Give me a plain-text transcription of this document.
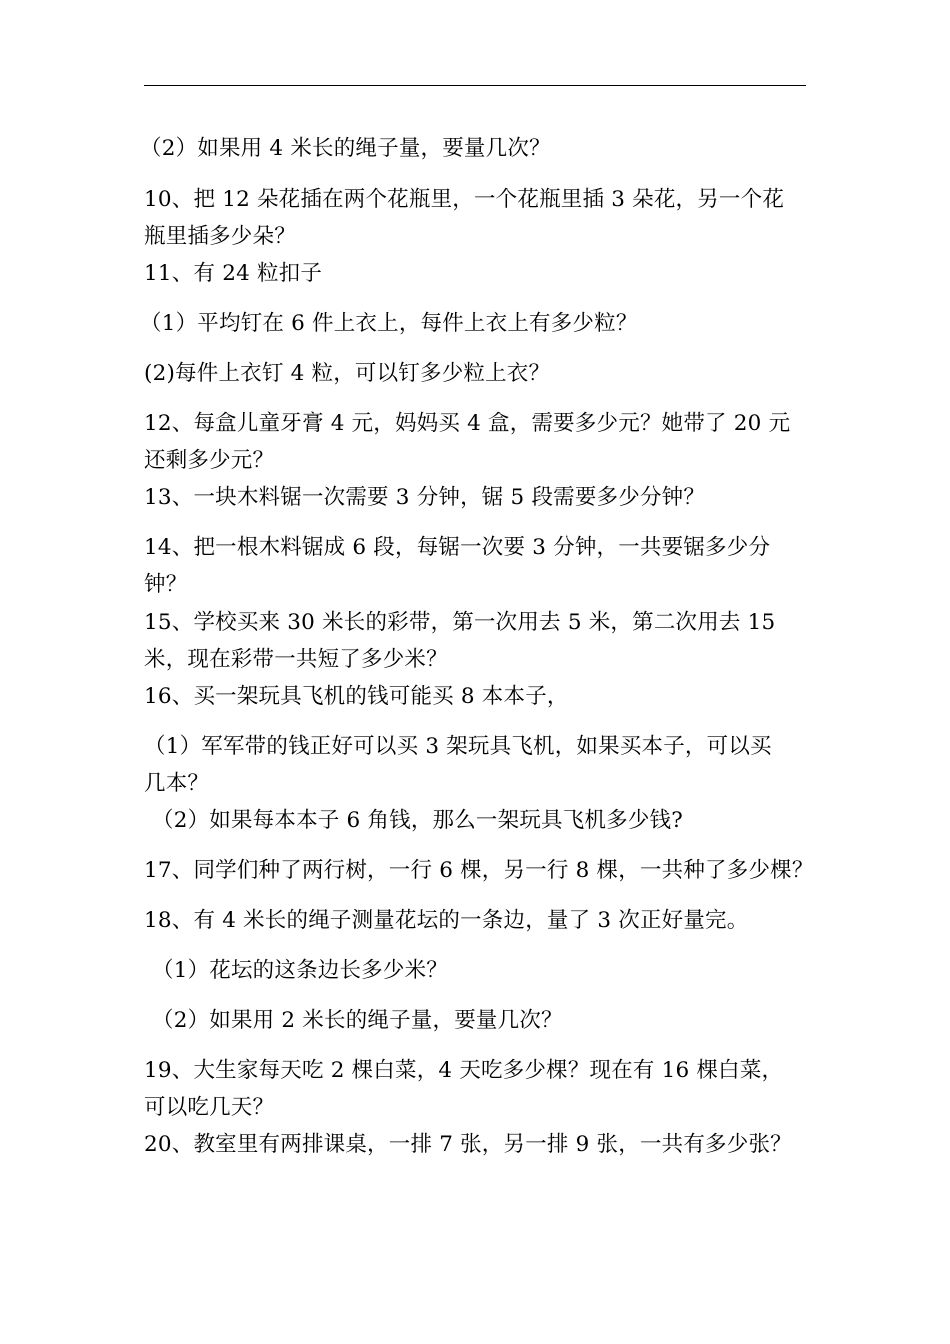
（2）如果用 4 米长的绳子量，要量几次？
10、把 12 朵花插在两个花瓶里，一个花瓶里插 3 朵花，另一个花
瓶里插多少朵？
11、有 24 粒扣子
（1）平均钉在 6 件上衣上，每件上衣上有多少粒？
(2)每件上衣钉 4 粒，可以钉多少粒上衣？
12、每盒儿童牙膏 4 元，妈妈买 4 盒，需要多少元？她带了 20 元
还剩多少元？
13、一块木料锯一次需要 3 分钟，锯 5 段需要多少分钟？
14、把一根木料锯成 6 段，每锯一次要 3 分钟，一共要锯多少分
钟？
15、学校买来 30 米长的彩带，第一次用去 5 米，第二次用去 15
米，现在彩带一共短了多少米？
16、买一架玩具飞机的钱可能买 8 本本子，
（1）军军带的钱正好可以买 3 架玩具飞机，如果买本子，可以买
几本？
（2）如果每本本子 6 角钱，那么一架玩具飞机多少钱?
17、同学们种了两行树，一行 6 棵，另一行 8 棵，一共种了多少棵？
18、有 4 米长的绳子测量花坛的一条边，量了 3 次正好量完。
（1）花坛的这条边长多少米？
（2）如果用 2 米长的绳子量，要量几次？
19、大生家每天吃 2 棵白菜，4 天吃多少棵？现在有 16 棵白菜，
可以吃几天？
20、教室里有两排课桌，一排 7 张，另一排 9 张，一共有多少张？
